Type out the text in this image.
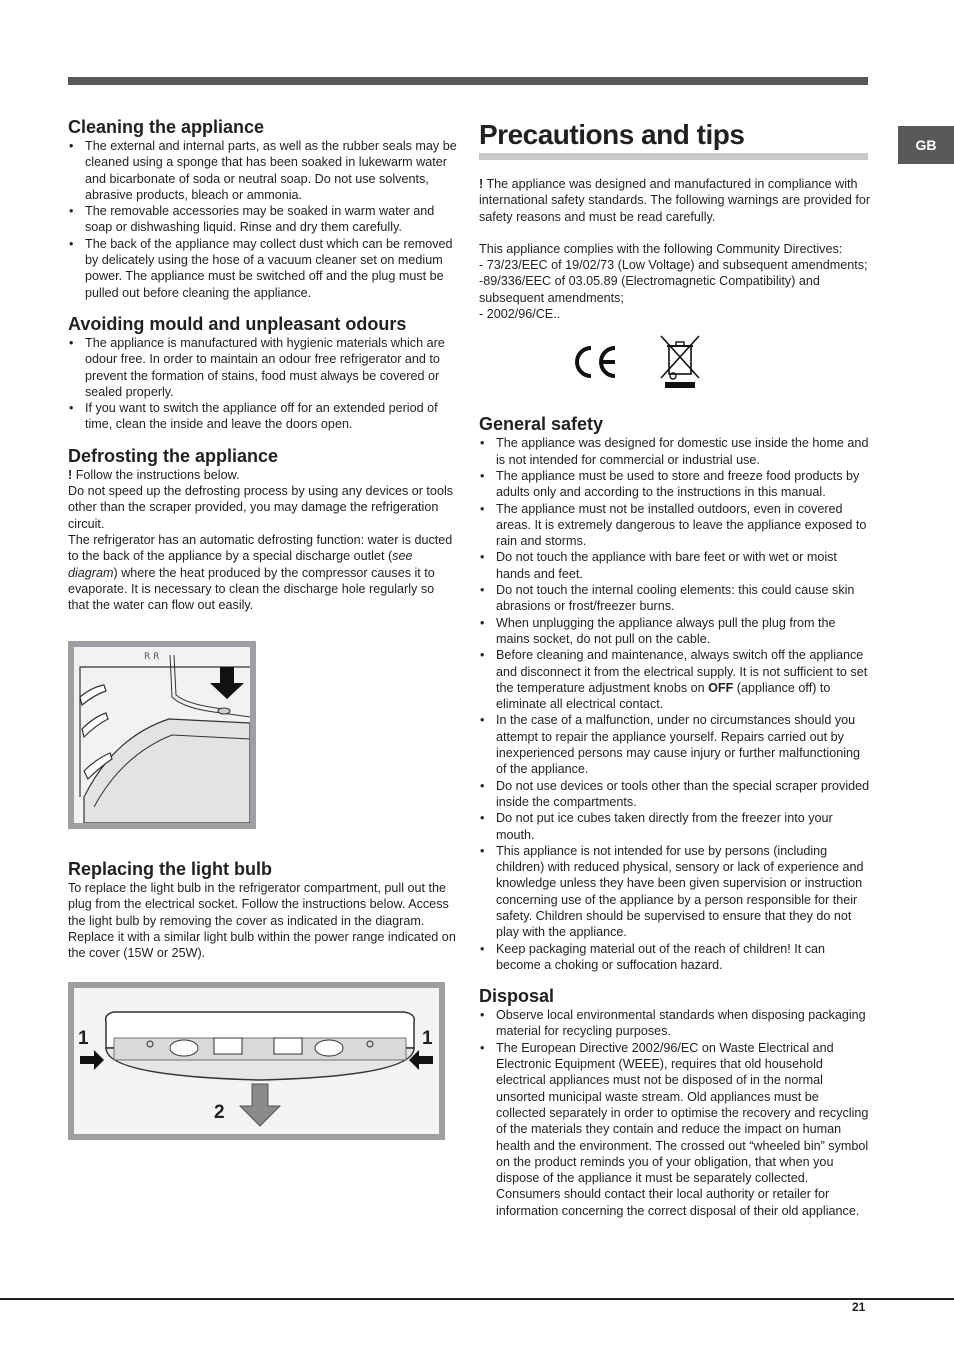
GB
Cleaning the appliance
• The external and internal parts, as well as the rubber seals may be cleaned using a sponge that has been soaked in lukewarm water and bicarbonate of soda or neutral soap. Do not use solvents, abrasive products, bleach or ammonia.
• The removable accessories may be soaked in warm water and soap or dishwashing liquid. Rinse and dry them carefully.
• The back of the appliance may collect dust which can be removed by delicately using the hose of a vacuum cleaner set on medium power. The appliance must be switched off and the plug must be pulled out before cleaning the appliance.
Avoiding mould and unpleasant odours
• The appliance is manufactured with hygienic materials which are odour free. In order to maintain an odour free refrigerator and to prevent the formation of stains, food must always be covered or sealed properly.
• If you want to switch the appliance off for an extended period of time, clean the inside and leave the doors open.
Defrosting the appliance

! Follow the instructions below.

Do not speed up the defrosting process by using any devices or tools other than the scraper provided, you may damage the refrigeration circuit.

The refrigerator has an automatic defrosting function: water is ducted to the back of the appliance by a special discharge outlet (see diagram) where the heat produced by the compressor causes it to evaporate. It is necessary to clean the discharge hole regularly so that the water can flow out easily.

R R
Replacing the light bulb

To replace the light bulb in the refrigerator compartment, pull out the plug from the electrical socket. Follow the instructions below. Access the light bulb by removing the cover as indicated in the diagram. Replace it with a similar light bulb within the power range indicated on the cover (15W or 25W).

1	1
2
Precautions and tips

! The appliance was designed and manufactured in compliance with international safety standards. The following warnings are provided for safety reasons and must be read carefully.

This appliance complies with the following Community Directives:

- 73/23/EEC of 19/02/73 (Low Voltage) and subsequent amendments;

-89/336/EEC of 03.05.89 (Electromagnetic Compatibility) and subsequent amendments;

- 2002/96/CE..

General safety
• The appliance was designed for domestic use inside the home and is not intended for commercial or industrial use.
• The appliance must be used to store and freeze food products by adults only and according to the instructions in this manual.
• The appliance must not be installed outdoors, even in covered areas. It is extremely dangerous to leave the appliance exposed to rain and storms.
• Do not touch the appliance with bare feet or with wet or moist hands and feet.
• Do not touch the internal cooling elements: this could cause skin abrasions or frost/freezer burns.
• When unplugging the appliance always pull the plug from the mains socket, do not pull on the cable.
• Before cleaning and maintenance, always switch off the appliance and disconnect it from the electrical supply. It is not sufficient to set the temperature adjustment knobs on OFF (appliance off) to eliminate all electrical contact.
• In the case of a malfunction, under no circumstances should you attempt to repair the appliance yourself. Repairs carried out by inexperienced persons may cause injury or further malfunctioning of the appliance.
• Do not use devices or tools other than the special scraper provided inside the compartments.
• Do not put ice cubes taken directly from the freezer into your mouth.
• This appliance is not intended for use by persons (including children) with reduced physical, sensory or lack of experience and knowledge unless they have been given supervision or instruction concerning use of the appliance by a person responsible for their safety. Children should be supervised to ensure that they do not play with the appliance.
• Keep packaging material out of the reach of children! It can become a choking or suffocation hazard.
Disposal
• Observe local environmental standards when disposing packaging material for recycling purposes.
• The European Directive 2002/96/EC on Waste Electrical and Electronic Equipment (WEEE), requires that old household electrical appliances must not be disposed of in the normal unsorted municipal waste stream. Old appliances must be collected separately in order to optimise the recovery and recycling of the materials they contain and reduce the impact on human health and the environment. The crossed out “wheeled bin” symbol on the product reminds you of your obligation, that when you dispose of the appliance it must be separately collected. Consumers should contact their local authority or retailer for information concerning the correct disposal of their old appliance.
21
